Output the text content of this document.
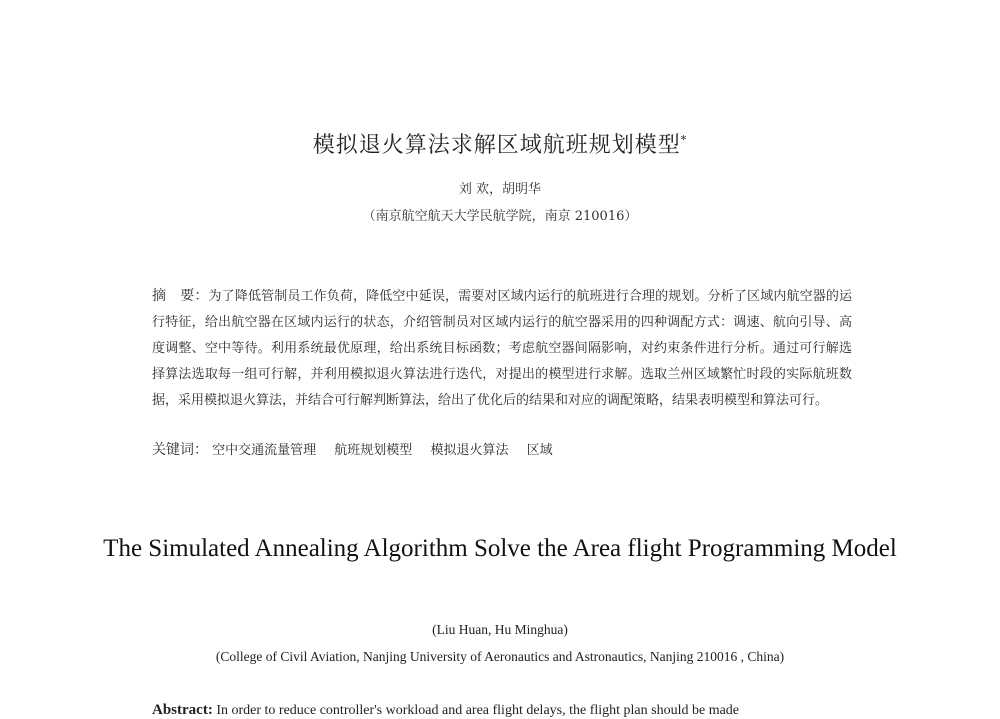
模拟退火算法求解区域航班规划模型*
刘 欢，胡明华
（南京航空航天大学民航学院，南京 210016）
摘　要：为了降低管制员工作负荷，降低空中延误，需要对区域内运行的航班进行合理的规划。分析了区域内航空器的运行特征，给出航空器在区域内运行的状态，介绍管制员对区域内运行的航空器采用的四种调配方式：调速、航向引导、高度调整、空中等待。利用系统最优原理，给出系统目标函数；考虑航空器间隔影响，对约束条件进行分析。通过可行解选择算法选取每一组可行解，并利用模拟退火算法进行迭代，对提出的模型进行求解。选取兰州区域繁忙时段的实际航班数据，采用模拟退火算法，并结合可行解判断算法，给出了优化后的结果和对应的调配策略，结果表明模型和算法可行。
关键词： 空中交通流量管理 航班规划模型 模拟退火算法 区域
The Simulated Annealing Algorithm Solve the Area flight Programming Model
(Liu Huan, Hu Minghua)
(College of Civil Aviation, Nanjing University of Aeronautics and Astronautics, Nanjing 210016 , China)
Abstract: In order to reduce controller's workload and area flight delays, the flight plan should be made
